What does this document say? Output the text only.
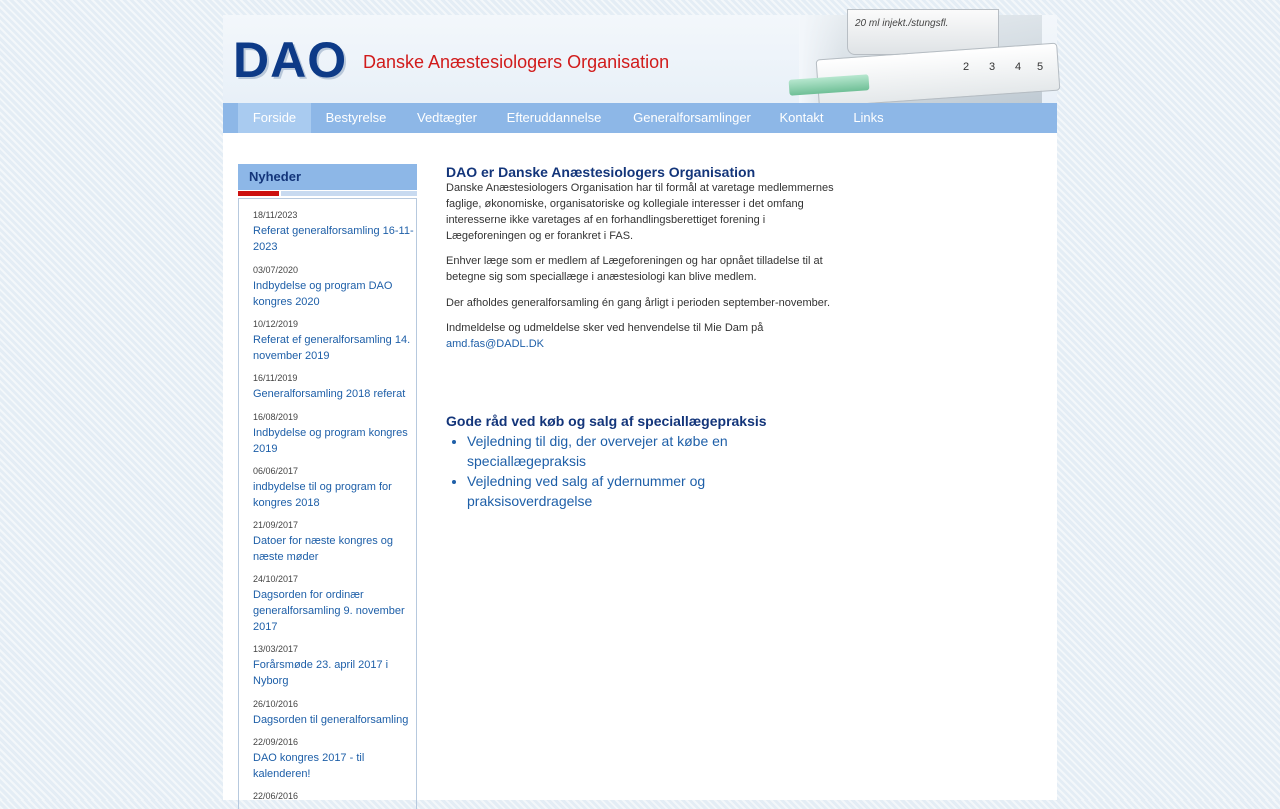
DAO Danske Anæstesiologers Organisation
20 ml injekt./stungsfl.
2 3 4 5
Forside	Bestyrelse	Vedtægter	Efteruddannelse	Generalforsamlinger	Kontakt	Links
Nyheder
18/11/2023
Referat generalforsamling 16-11-2023
03/07/2020
Indbydelse og program DAO kongres 2020
10/12/2019
Referat ef generalforsamling 14. november 2019
16/11/2019
Generalforsamling 2018 referat
16/08/2019
Indbydelse og program kongres 2019
06/06/2017
indbydelse til og program for kongres 2018
21/09/2017
Datoer for næste kongres og næste møder
24/10/2017
Dagsorden for ordinær generalforsamling 9. november 2017
13/03/2017
Forårsmøde 23. april 2017 i Nyborg
26/10/2016
Dagsorden til generalforsamling
22/09/2016
DAO kongres 2017 - til kalenderen!
22/06/2016
DAO er Danske Anæstesiologers Organisation

Danske Anæstesiologers Organisation har til formål at varetage medlemmernes faglige, økonomiske, organisatoriske og kollegiale interesser i det omfang interesserne ikke varetages af en forhandlingsberettiget forening i Lægeforeningen og er forankret i FAS.

Enhver læge som er medlem af Lægeforeningen og har opnået tilladelse til at betegne sig som speciallæge i anæstesiologi kan blive medlem.

Der afholdes generalforsamling én gang årligt i perioden september-november.

Indmeldelse og udmeldelse sker ved henvendelse til Mie Dam på

amd.fas@DADL.DK
Gode råd ved køb og salg af speciallægepraksis
• Vejledning til dig, der overvejer at købe en speciallægepraksis
• Vejledning ved salg af ydernummer og praksisoverdragelse
